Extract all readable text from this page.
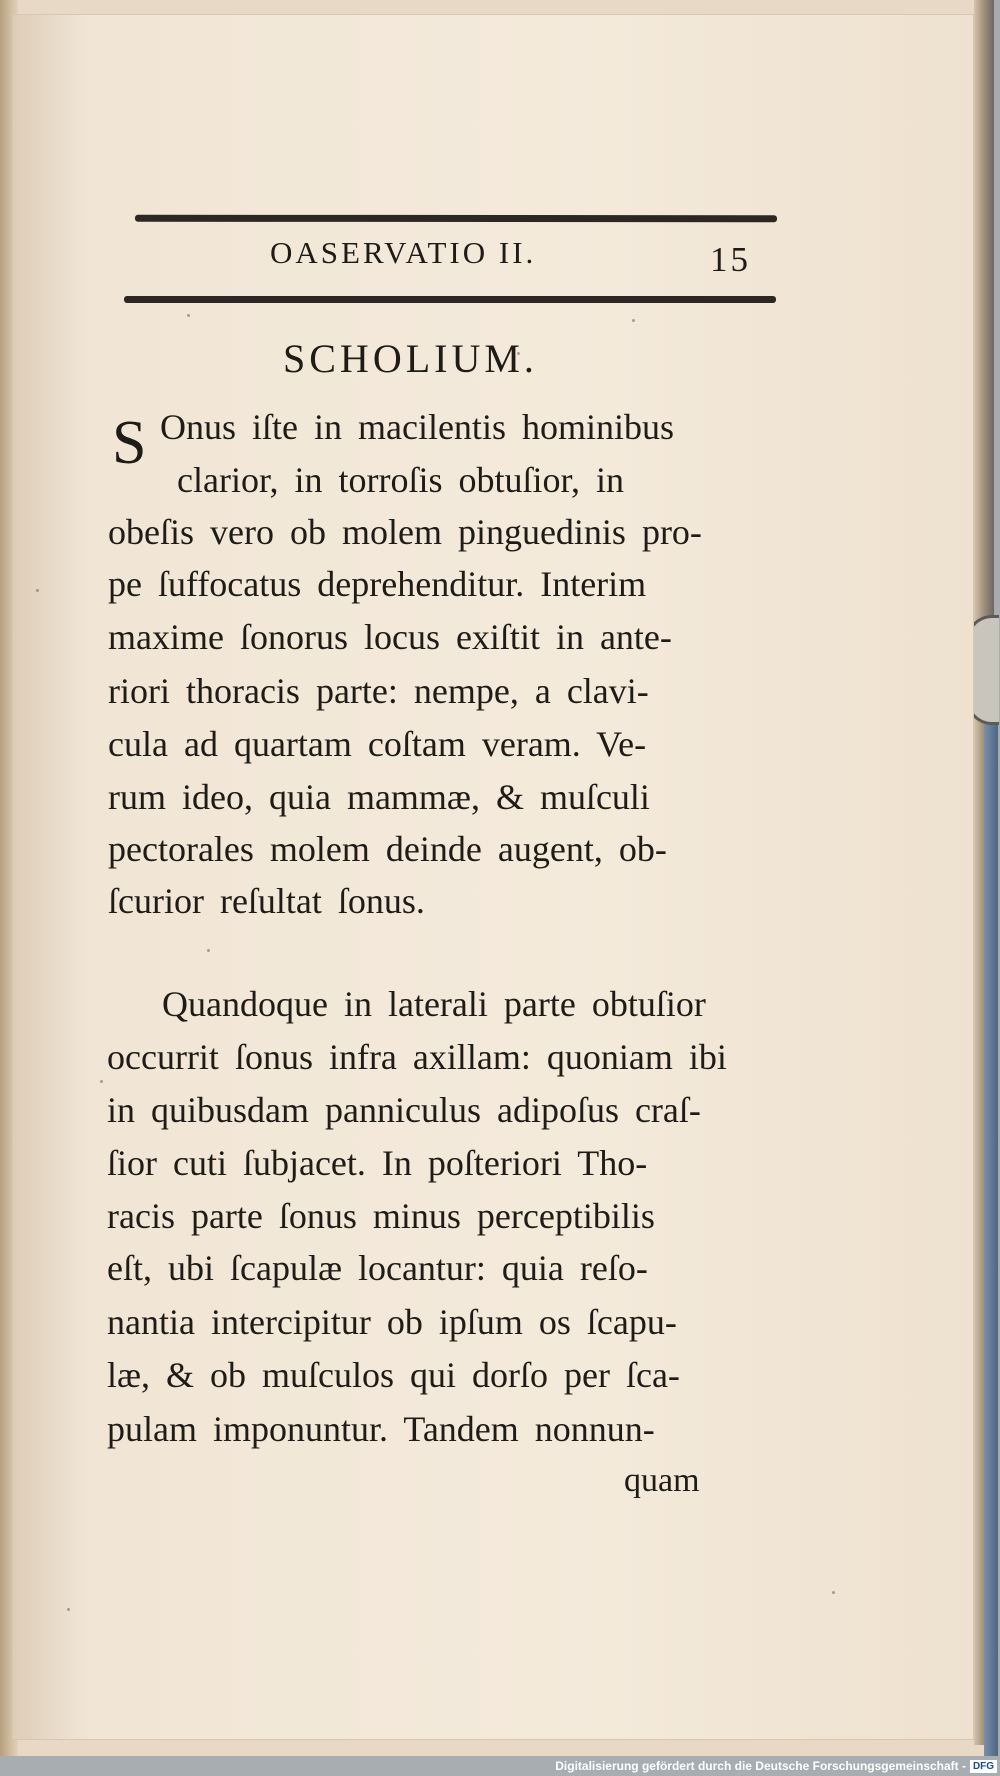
OASERVATIO II.	15

SCHOLIUM.
S Onus iſte in macilentis hominibus

clarior, in torroſis obtuſior, in

obeſis vero ob molem pinguedinis pro-

pe ſuffocatus deprehenditur. Interim

maxime ſonorus locus exiſtit in ante-

riori thoracis parte: nempe, a clavi-

cula ad quartam coſtam veram. Ve-

rum ideo, quia mammæ, & muſculi

pectorales molem deinde augent, ob-

ſcurior reſultat ſonus.

Quandoque in laterali parte obtuſior

occurrit ſonus infra axillam: quoniam ibi

in quibusdam panniculus adipoſus craſ-

ſior cuti ſubjacet. In poſteriori Tho-

racis parte ſonus minus perceptibilis

eſt, ubi ſcapulæ locantur: quia reſo-

nantia intercipitur ob ipſum os ſcapu-

læ, & ob muſculos qui dorſo per ſca-

pulam imponuntur. Tandem nonnun-

quam

Digitalisierung gefördert durch die Deutsche Forschungsgemeinschaft - DFG
